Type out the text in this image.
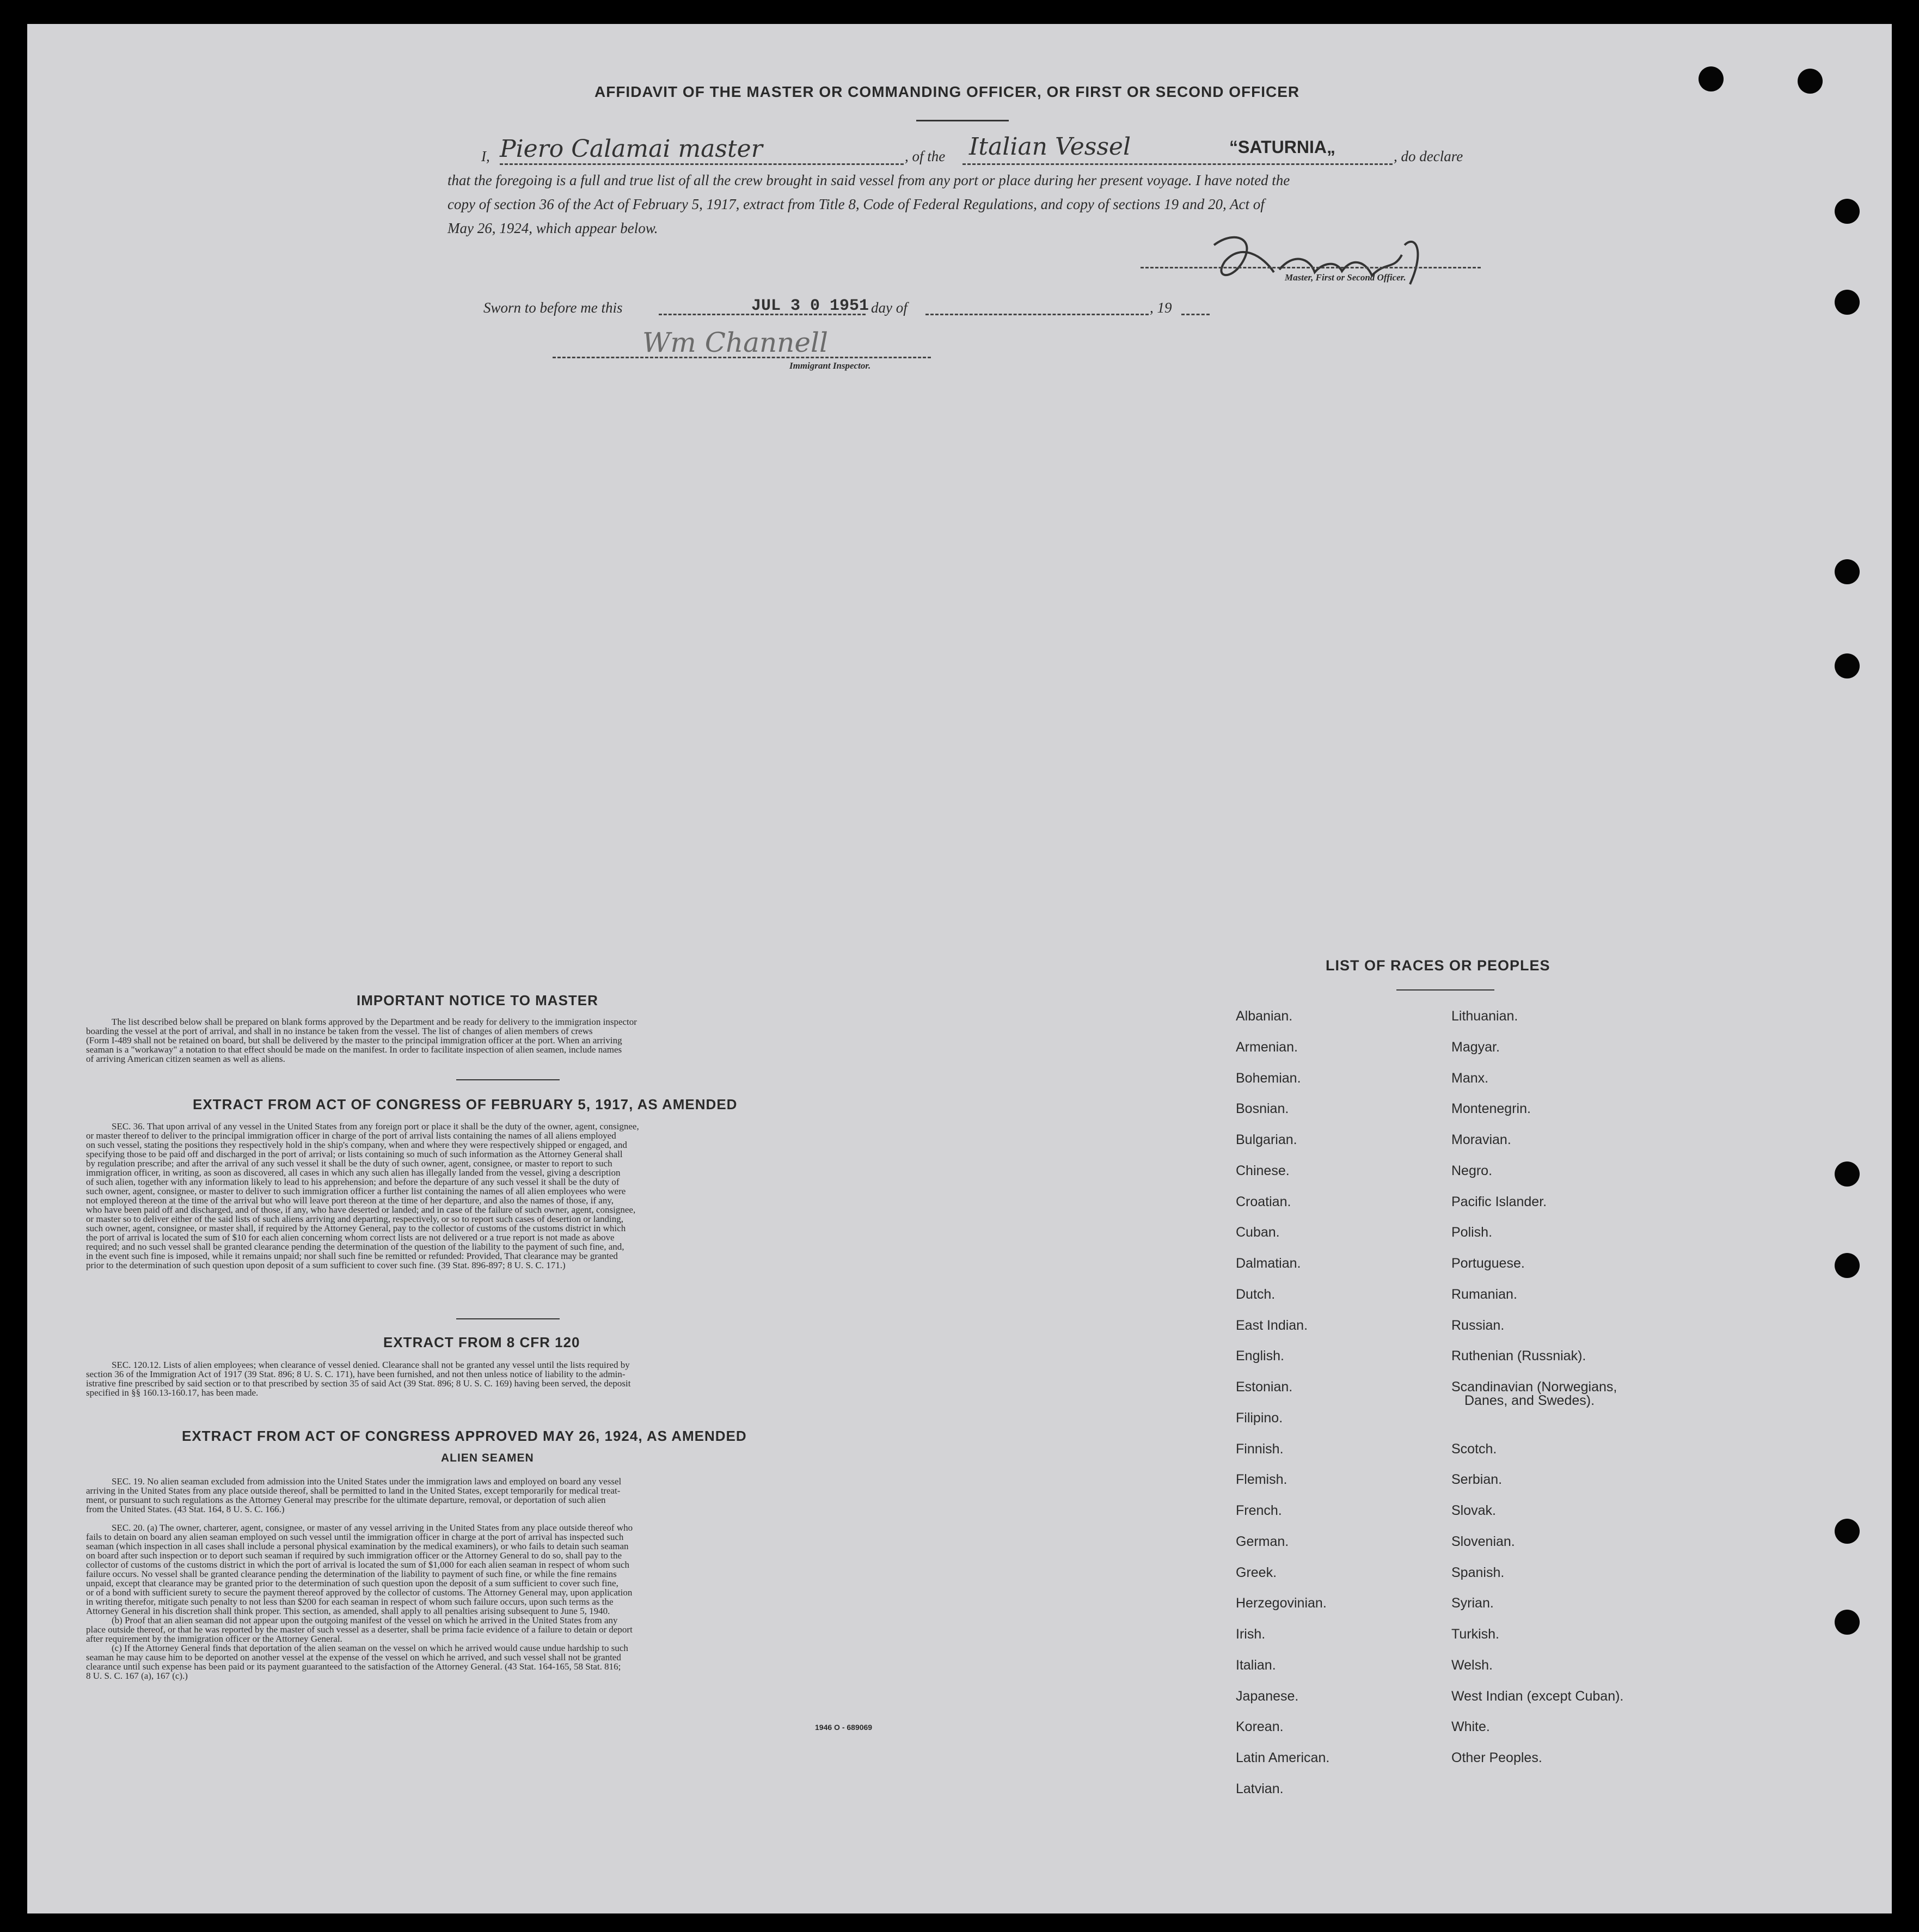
AFFIDAVIT OF THE MASTER OR COMMANDING OFFICER, OR FIRST OR SECOND OFFICER
I, Piero Calamai master	, of the Italian Vessel	“SATURNIA„	, do declare
that the foregoing is a full and true list of all the crew brought in said vessel from any port or place during her present voyage. I have noted the
copy of section 36 of the Act of February 5, 1917, extract from Title 8, Code of Federal Regulations, and copy of sections 19 and 20, Act of
May 26, 1924, which appear below.
Master, First or Second Officer.
Sworn to before me this	JUL 3 0 1951 day of	, 19
Wm Channell
Immigrant Inspector.
IMPORTANT NOTICE TO MASTER
The list described below shall be prepared on blank forms approved by the Department and be ready for delivery to the immigration inspector
boarding the vessel at the port of arrival, and shall in no instance be taken from the vessel. The list of changes of alien members of crews
(Form I-489 shall not be retained on board, but shall be delivered by the master to the principal immigration officer at the port. When an arriving
seaman is a "workaway" a notation to that effect should be made on the manifest. In order to facilitate inspection of alien seamen, include names
of arriving American citizen seamen as well as aliens.
EXTRACT FROM ACT OF CONGRESS OF FEBRUARY 5, 1917, AS AMENDED
SEC. 36. That upon arrival of any vessel in the United States from any foreign port or place it shall be the duty of the owner, agent, consignee,
or master thereof to deliver to the principal immigration officer in charge of the port of arrival lists containing the names of all aliens employed
on such vessel, stating the positions they respectively hold in the ship's company, when and where they were respectively shipped or engaged, and
specifying those to be paid off and discharged in the port of arrival; or lists containing so much of such information as the Attorney General shall
by regulation prescribe; and after the arrival of any such vessel it shall be the duty of such owner, agent, consignee, or master to report to such
immigration officer, in writing, as soon as discovered, all cases in which any such alien has illegally landed from the vessel, giving a description
of such alien, together with any information likely to lead to his apprehension; and before the departure of any such vessel it shall be the duty of
such owner, agent, consignee, or master to deliver to such immigration officer a further list containing the names of all alien employees who were
not employed thereon at the time of the arrival but who will leave port thereon at the time of her departure, and also the names of those, if any,
who have been paid off and discharged, and of those, if any, who have deserted or landed; and in case of the failure of such owner, agent, consignee,
or master so to deliver either of the said lists of such aliens arriving and departing, respectively, or so to report such cases of desertion or landing,
such owner, agent, consignee, or master shall, if required by the Attorney General, pay to the collector of customs of the customs district in which
the port of arrival is located the sum of $10 for each alien concerning whom correct lists are not delivered or a true report is not made as above
required; and no such vessel shall be granted clearance pending the determination of the question of the liability to the payment of such fine, and,
in the event such fine is imposed, while it remains unpaid; nor shall such fine be remitted or refunded: Provided, That clearance may be granted
prior to the determination of such question upon deposit of a sum sufficient to cover such fine. (39 Stat. 896-897; 8 U. S. C. 171.)
EXTRACT FROM 8 CFR 120
SEC. 120.12. Lists of alien employees; when clearance of vessel denied. Clearance shall not be granted any vessel until the lists required by
section 36 of the Immigration Act of 1917 (39 Stat. 896; 8 U. S. C. 171), have been furnished, and not then unless notice of liability to the admin-
istrative fine prescribed by said section or to that prescribed by section 35 of said Act (39 Stat. 896; 8 U. S. C. 169) having been served, the deposit
specified in §§ 160.13-160.17, has been made.
EXTRACT FROM ACT OF CONGRESS APPROVED MAY 26, 1924, AS AMENDED
ALIEN SEAMEN
SEC. 19. No alien seaman excluded from admission into the United States under the immigration laws and employed on board any vessel
arriving in the United States from any place outside thereof, shall be permitted to land in the United States, except temporarily for medical treat-
ment, or pursuant to such regulations as the Attorney General may prescribe for the ultimate departure, removal, or deportation of such alien
from the United States. (43 Stat. 164, 8 U. S. C. 166.)
SEC. 20. (a) The owner, charterer, agent, consignee, or master of any vessel arriving in the United States from any place outside thereof who
fails to detain on board any alien seaman employed on such vessel until the immigration officer in charge at the port of arrival has inspected such
seaman (which inspection in all cases shall include a personal physical examination by the medical examiners), or who fails to detain such seaman
on board after such inspection or to deport such seaman if required by such immigration officer or the Attorney General to do so, shall pay to the
collector of customs of the customs district in which the port of arrival is located the sum of $1,000 for each alien seaman in respect of whom such
failure occurs. No vessel shall be granted clearance pending the determination of the liability to payment of such fine, or while the fine remains
unpaid, except that clearance may be granted prior to the determination of such question upon the deposit of a sum sufficient to cover such fine,
or of a bond with sufficient surety to secure the payment thereof approved by the collector of customs. The Attorney General may, upon application
in writing therefor, mitigate such penalty to not less than $200 for each seaman in respect of whom such failure occurs, upon such terms as the
Attorney General in his discretion shall think proper. This section, as amended, shall apply to all penalties arising subsequent to June 5, 1940.
(b) Proof that an alien seaman did not appear upon the outgoing manifest of the vessel on which he arrived in the United States from any
place outside thereof, or that he was reported by the master of such vessel as a deserter, shall be prima facie evidence of a failure to detain or deport
after requirement by the immigration officer or the Attorney General.
(c) If the Attorney General finds that deportation of the alien seaman on the vessel on which he arrived would cause undue hardship to such
seaman he may cause him to be deported on another vessel at the expense of the vessel on which he arrived, and such vessel shall not be granted
clearance until such expense has been paid or its payment guaranteed to the satisfaction of the Attorney General. (43 Stat. 164-165, 58 Stat. 816;
8 U. S. C. 167 (a), 167 (c).)
1946 O - 689069
LIST OF RACES OR PEOPLES
Albanian.
Armenian.
Bohemian.
Bosnian.
Bulgarian.
Chinese.
Croatian.
Cuban.
Dalmatian.
Dutch.
East Indian.
English.
Estonian.
Filipino.
Finnish.
Flemish.
French.
German.
Greek.
Herzegovinian.
Irish.
Italian.
Japanese.
Korean.
Latin American.
Latvian.
Lithuanian.
Magyar.
Manx.
Montenegrin.
Moravian.
Negro.
Pacific Islander.
Polish.
Portuguese.
Rumanian.
Russian.
Ruthenian (Russniak).
Scandinavian (Norwegians,
Danes, and Swedes).
Scotch.
Serbian.
Slovak.
Slovenian.
Spanish.
Syrian.
Turkish.
Welsh.
West Indian (except Cuban).
White.
Other Peoples.
